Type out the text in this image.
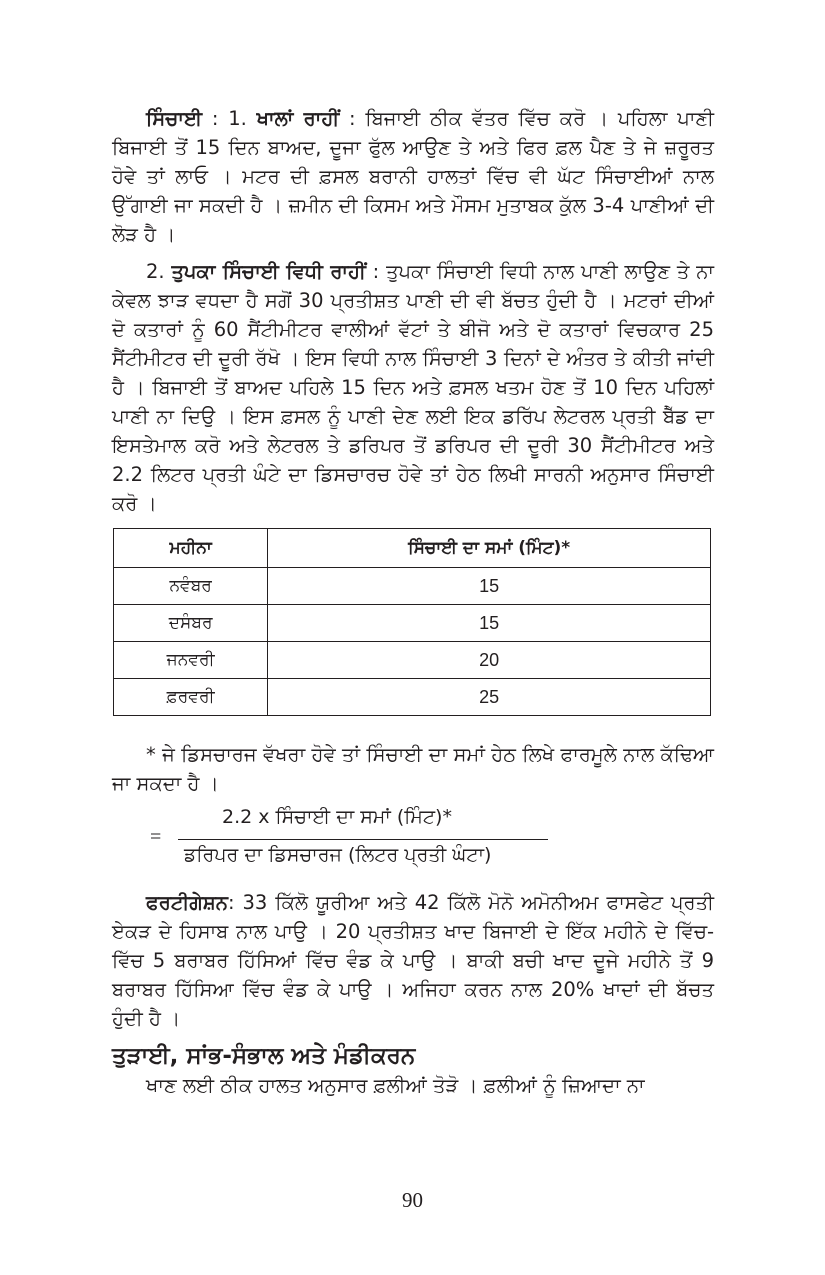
ਸਿੰਚਾਈ : 1. ਖਾਲਾਂ ਰਾਹੀਂ : ਬਿਜਾਈ ਠੀਕ ਵੱਤਰ ਵਿੱਚ ਕਰੋ । ਪਹਿਲਾ ਪਾਣੀ ਬਿਜਾਈ ਤੋਂ 15 ਦਿਨ ਬਾਅਦ, ਦੂਜਾ ਫੁੱਲ ਆਉਣ ਤੇ ਅਤੇ ਫਿਰ ਫ਼ਲ ਪੈਣ ਤੇ ਜੇ ਜ਼ਰੂਰਤ ਹੋਵੇ ਤਾਂ ਲਾਓ । ਮਟਰ ਦੀ ਫ਼ਸਲ ਬਰਾਨੀ ਹਾਲਤਾਂ ਵਿੱਚ ਵੀ ਘੱਟ ਸਿੰਚਾਈਆਂ ਨਾਲ ਉੱਗਾਈ ਜਾ ਸਕਦੀ ਹੈ । ਜ਼ਮੀਨ ਦੀ ਕਿਸਮ ਅਤੇ ਮੌਸਮ ਮੁਤਾਬਕ ਕੁੱਲ 3-4 ਪਾਣੀਆਂ ਦੀ ਲੋੜ ਹੈ ।

2. ਤੁਪਕਾ ਸਿੰਚਾਈ ਵਿਧੀ ਰਾਹੀਂ : ਤੁਪਕਾ ਸਿੰਚਾਈ ਵਿਧੀ ਨਾਲ ਪਾਣੀ ਲਾਉਣ ਤੇ ਨਾ ਕੇਵਲ ਝਾੜ ਵਧਦਾ ਹੈ ਸਗੋਂ 30 ਪ੍ਰਤੀਸ਼ਤ ਪਾਣੀ ਦੀ ਵੀ ਬੱਚਤ ਹੁੰਦੀ ਹੈ । ਮਟਰਾਂ ਦੀਆਂ ਦੋ ਕਤਾਰਾਂ ਨੂੰ 60 ਸੈਂਟੀਮੀਟਰ ਵਾਲੀਆਂ ਵੱਟਾਂ ਤੇ ਬੀਜੋ ਅਤੇ ਦੋ ਕਤਾਰਾਂ ਵਿਚਕਾਰ 25 ਸੈਂਟੀਮੀਟਰ ਦੀ ਦੂਰੀ ਰੱਖੋ । ਇਸ ਵਿਧੀ ਨਾਲ ਸਿੰਚਾਈ 3 ਦਿਨਾਂ ਦੇ ਅੰਤਰ ਤੇ ਕੀਤੀ ਜਾਂਦੀ ਹੈ । ਬਿਜਾਈ ਤੋਂ ਬਾਅਦ ਪਹਿਲੇ 15 ਦਿਨ ਅਤੇ ਫ਼ਸਲ ਖਤਮ ਹੋਣ ਤੋਂ 10 ਦਿਨ ਪਹਿਲਾਂ ਪਾਣੀ ਨਾ ਦਿਉ । ਇਸ ਫ਼ਸਲ ਨੂੰ ਪਾਣੀ ਦੇਣ ਲਈ ਇਕ ਡਰਿੱਪ ਲੇਟਰਲ ਪ੍ਰਤੀ ਬੈੱਡ ਦਾ ਇਸਤੇਮਾਲ ਕਰੋ ਅਤੇ ਲੇਟਰਲ ਤੇ ਡਰਿਪਰ ਤੋਂ ਡਰਿਪਰ ਦੀ ਦੂਰੀ 30 ਸੈਂਟੀਮੀਟਰ ਅਤੇ 2.2 ਲਿਟਰ ਪ੍ਰਤੀ ਘੰਟੇ ਦਾ ਡਿਸਚਾਰਚ ਹੋਵੇ ਤਾਂ ਹੇਠ ਲਿਖੀ ਸਾਰਨੀ ਅਨੁਸਾਰ ਸਿੰਚਾਈ ਕਰੋ ।

ਮਹੀਨਾ	ਸਿੰਚਾਈ ਦਾ ਸਮਾਂ (ਮਿੰਟ)*
ਨਵੰਬਰ	15
ਦਸੰਬਰ	15
ਜਨਵਰੀ	20
ਫ਼ਰਵਰੀ	25

* ਜੇ ਡਿਸਚਾਰਜ ਵੱਖਰਾ ਹੋਵੇ ਤਾਂ ਸਿੰਚਾਈ ਦਾ ਸਮਾਂ ਹੇਠ ਲਿਖੇ ਫਾਰਮੂਲੇ ਨਾਲ ਕੱਢਿਆ ਜਾ ਸਕਦਾ ਹੈ ।

=
2.2 x ਸਿੰਚਾਈ ਦਾ ਸਮਾਂ (ਮਿੰਟ)*
ਡਰਿਪਰ ਦਾ ਡਿਸਚਾਰਜ (ਲਿਟਰ ਪ੍ਰਤੀ ਘੰਟਾ)

ਫਰਟੀਗੇਸ਼ਨ: 33 ਕਿੱਲੋ ਯੂਰੀਆ ਅਤੇ 42 ਕਿੱਲੋ ਮੋਨੋ ਅਮੋਨੀਅਮ ਫਾਸਫੇਟ ਪ੍ਰਤੀ ਏਕੜ ਦੇ ਹਿਸਾਬ ਨਾਲ ਪਾਉ । 20 ਪ੍ਰਤੀਸ਼ਤ ਖਾਦ ਬਿਜਾਈ ਦੇ ਇੱਕ ਮਹੀਨੇ ਦੇ ਵਿੱਚ-ਵਿੱਚ 5 ਬਰਾਬਰ ਹਿੱਸਿਆਂ ਵਿੱਚ ਵੰਡ ਕੇ ਪਾਉ । ਬਾਕੀ ਬਚੀ ਖਾਦ ਦੂਜੇ ਮਹੀਨੇ ਤੋਂ 9 ਬਰਾਬਰ ਹਿੱਸਿਆ ਵਿੱਚ ਵੰਡ ਕੇ ਪਾਉ । ਅਜਿਹਾ ਕਰਨ ਨਾਲ 20% ਖਾਦਾਂ ਦੀ ਬੱਚਤ ਹੁੰਦੀ ਹੈ ।

ਤੁੜਾਈ, ਸਾਂਭ-ਸੰਭਾਲ ਅਤੇ ਮੰਡੀਕਰਨ

ਖਾਣ ਲਈ ਠੀਕ ਹਾਲਤ ਅਨੁਸਾਰ ਫ਼ਲੀਆਂ ਤੋੜੋ । ਫ਼ਲੀਆਂ ਨੂੰ ਜ਼ਿਆਦਾ ਨਾ

90
